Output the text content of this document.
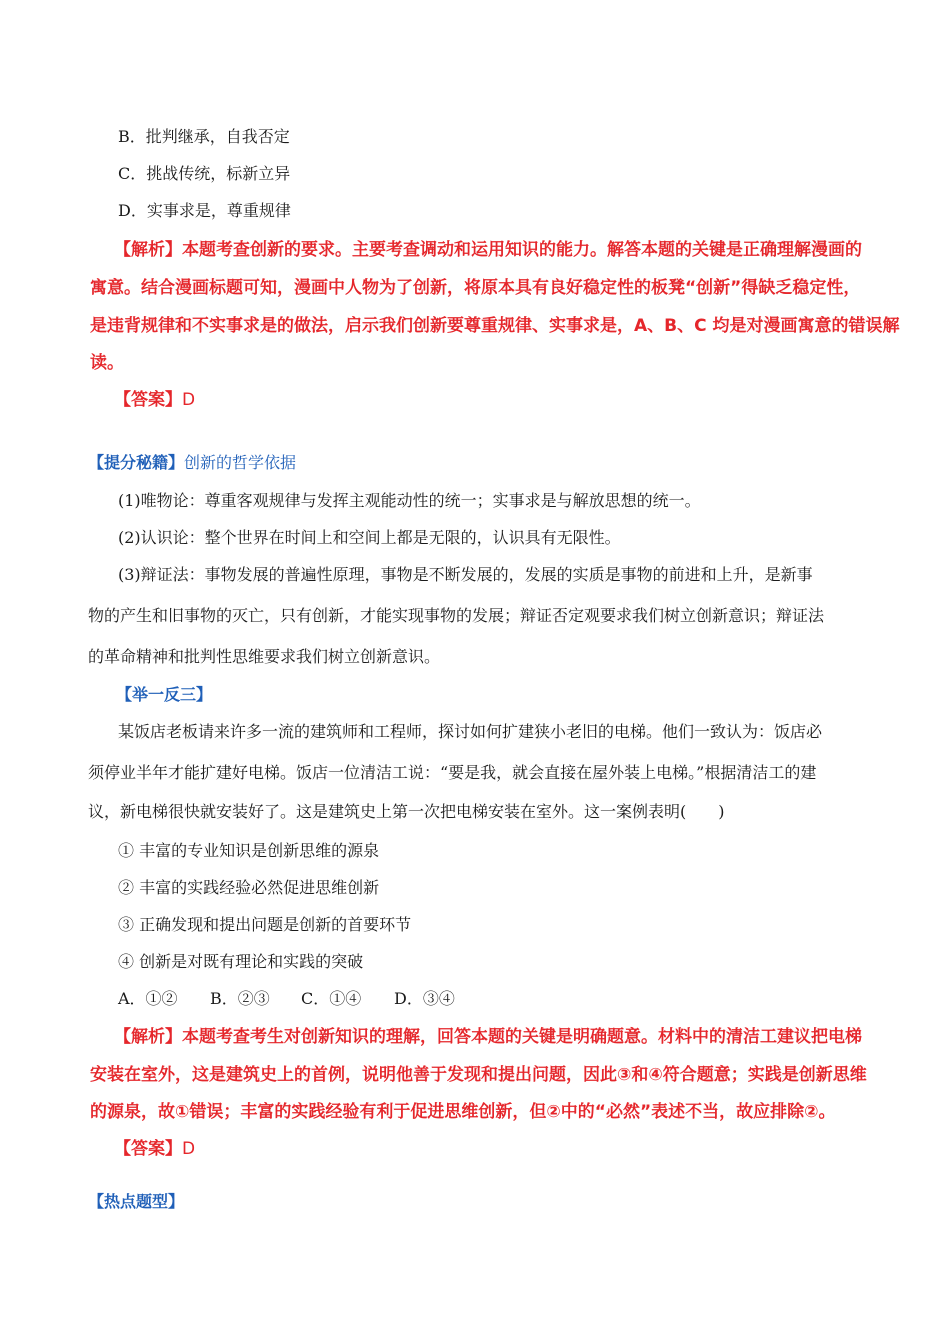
B．批判继承，自我否定
C．挑战传统，标新立异
D．实事求是，尊重规律
【解析】本题考查创新的要求。主要考查调动和运用知识的能力。解答本题的关键是正确理解漫画的
寓意。结合漫画标题可知，漫画中人物为了创新，将原本具有良好稳定性的板凳“创新”得缺乏稳定性，
是违背规律和不实事求是的做法，启示我们创新要尊重规律、实事求是，A、B、C 均是对漫画寓意的错误解
读。
【答案】D
【提分秘籍】创新的哲学依据
(1)唯物论：尊重客观规律与发挥主观能动性的统一；实事求是与解放思想的统一。
(2)认识论：整个世界在时间上和空间上都是无限的，认识具有无限性。
(3)辩证法：事物发展的普遍性原理，事物是不断发展的，发展的实质是事物的前进和上升，是新事
物的产生和旧事物的灭亡，只有创新，才能实现事物的发展；辩证否定观要求我们树立创新意识；辩证法
的革命精神和批判性思维要求我们树立创新意识。
【举一反三】
某饭店老板请来许多一流的建筑师和工程师，探讨如何扩建狭小老旧的电梯。他们一致认为：饭店必
须停业半年才能扩建好电梯。饭店一位清洁工说：“要是我，就会直接在屋外装上电梯。”根据清洁工的建
议，新电梯很快就安装好了。这是建筑史上第一次把电梯安装在室外。这一案例表明(　　)
① 丰富的专业知识是创新思维的源泉
② 丰富的实践经验必然促进思维创新
③ 正确发现和提出问题是创新的首要环节
④ 创新是对既有理论和实践的突破
A．①② B．②③ C．①④ D．③④
【解析】本题考查考生对创新知识的理解，回答本题的关键是明确题意。材料中的清洁工建议把电梯
安装在室外，这是建筑史上的首例，说明他善于发现和提出问题，因此③和④符合题意；实践是创新思维
的源泉，故①错误；丰富的实践经验有利于促进思维创新，但②中的“必然”表述不当，故应排除②。
【答案】D
【热点题型】
